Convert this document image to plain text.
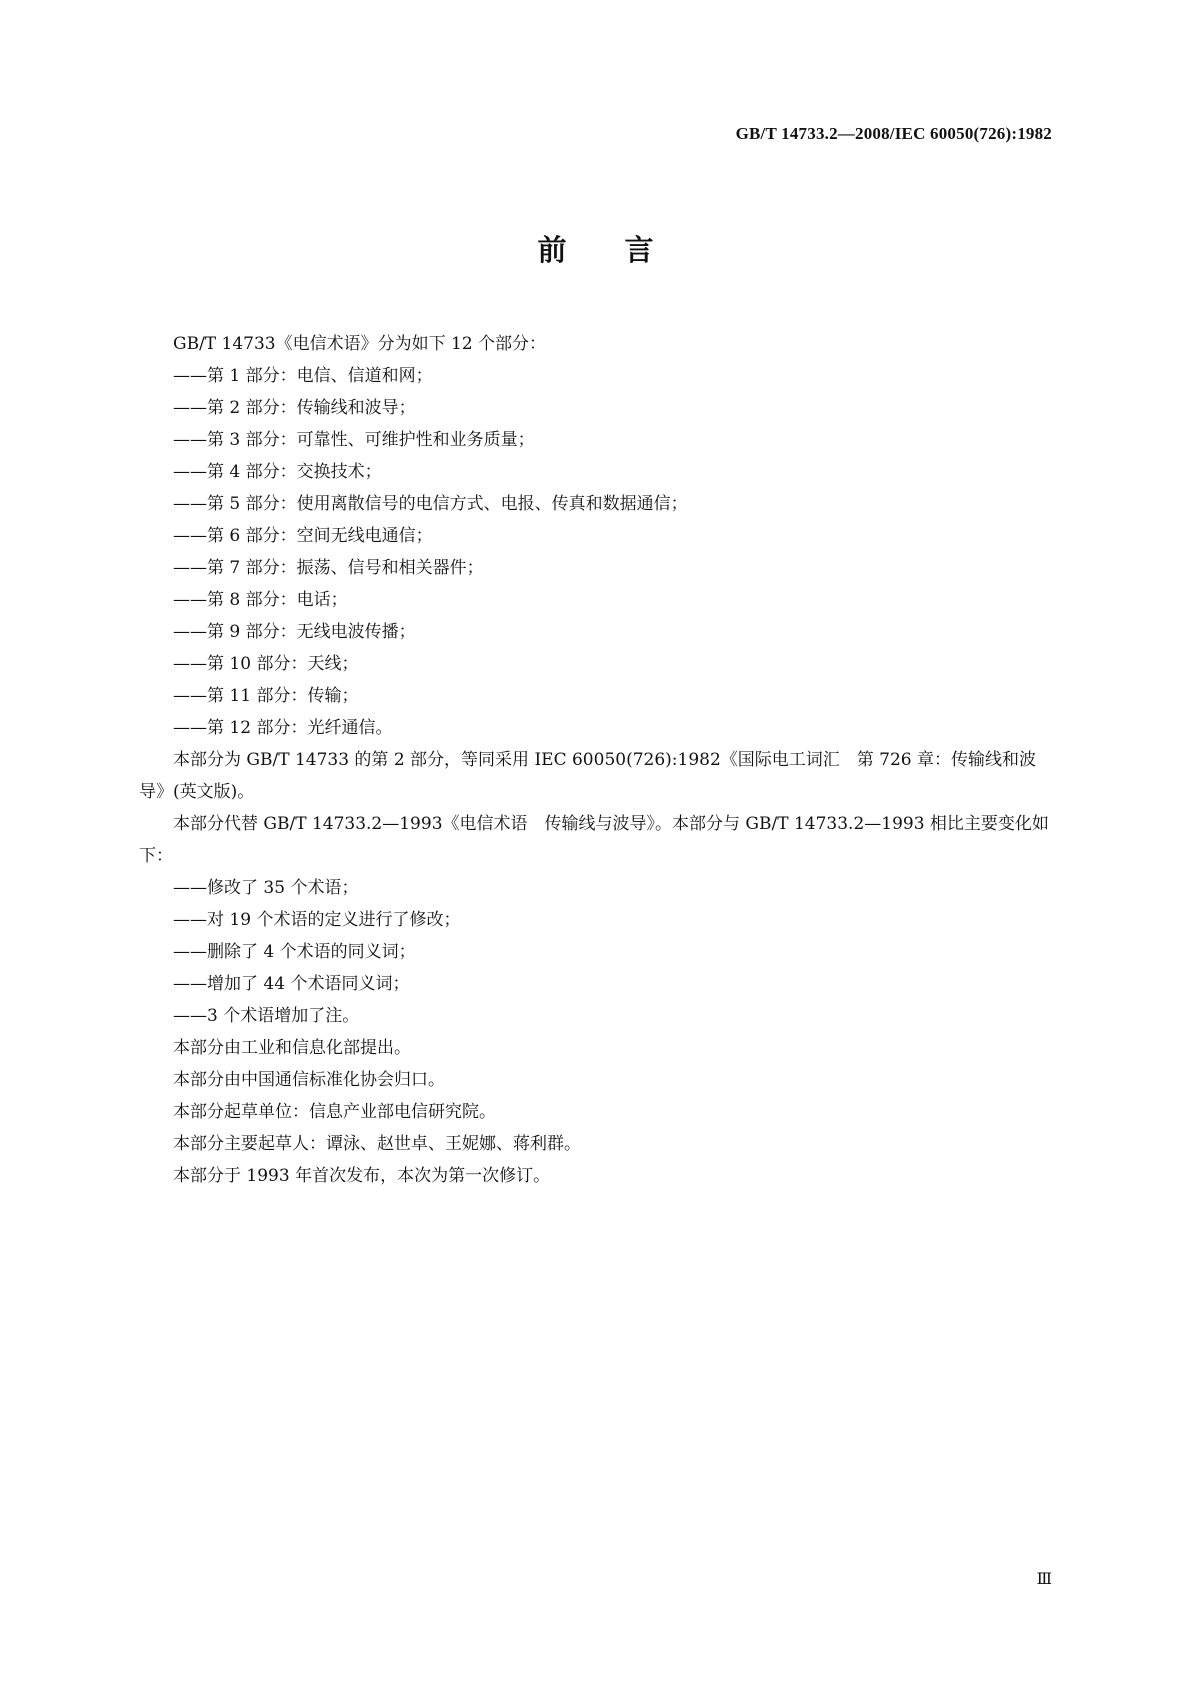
GB/T 14733.2—2008/IEC 60050(726):1982
前言

GB/T 14733《电信术语》分为如下 12 个部分：

——第 1 部分：电信、信道和网；

——第 2 部分：传输线和波导；

——第 3 部分：可靠性、可维护性和业务质量；

——第 4 部分：交换技术；

——第 5 部分：使用离散信号的电信方式、电报、传真和数据通信；

——第 6 部分：空间无线电通信；

——第 7 部分：振荡、信号和相关器件；

——第 8 部分：电话；

——第 9 部分：无线电波传播；

——第 10 部分：天线；

——第 11 部分：传输；

——第 12 部分：光纤通信。

本部分为 GB/T 14733 的第 2 部分，等同采用 IEC 60050(726):1982《国际电工词汇　第 726 章：传输线和波导》(英文版)。

本部分代替 GB/T 14733.2—1993《电信术语　传输线与波导》。本部分与 GB/T 14733.2—1993 相比主要变化如下：

——修改了 35 个术语；

——对 19 个术语的定义进行了修改；

——删除了 4 个术语的同义词；

——增加了 44 个术语同义词；

——3 个术语增加了注。

本部分由工业和信息化部提出。

本部分由中国通信标准化协会归口。

本部分起草单位：信息产业部电信研究院。

本部分主要起草人：谭泳、赵世卓、王妮娜、蒋利群。

本部分于 1993 年首次发布，本次为第一次修订。

Ⅲ
